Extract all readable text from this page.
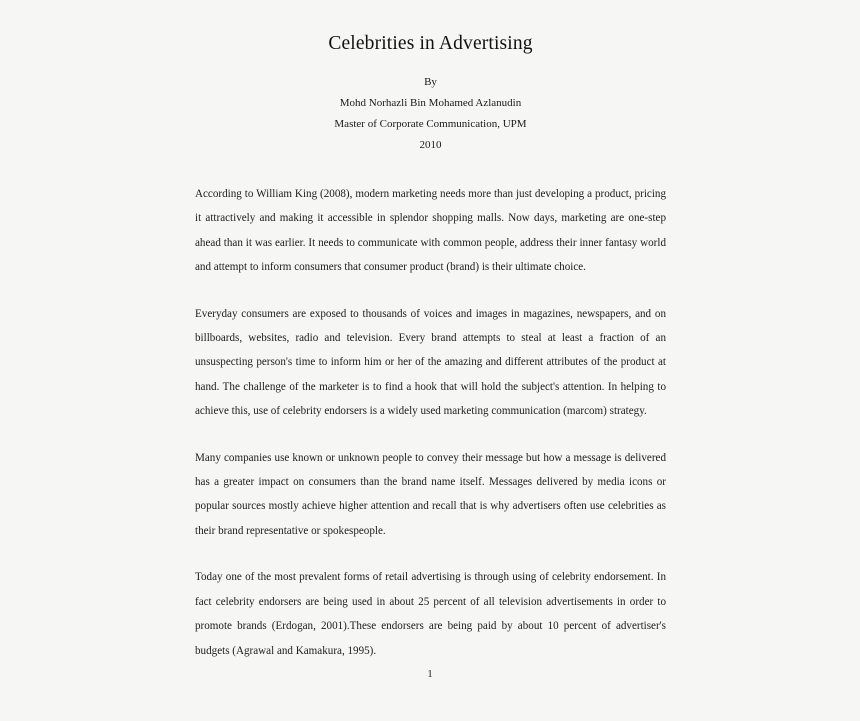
Celebrities in Advertising
By
Mohd Norhazli Bin Mohamed Azlanudin
Master of Corporate Communication, UPM
2010

According to William King (2008), modern marketing needs more than just developing a product, pricing it attractively and making it accessible in splendor shopping malls. Now days, marketing are one-step ahead than it was earlier. It needs to communicate with common people, address their inner fantasy world and attempt to inform consumers that consumer product (brand) is their ultimate choice.

Everyday consumers are exposed to thousands of voices and images in magazines, newspapers, and on billboards, websites, radio and television. Every brand attempts to steal at least a fraction of an unsuspecting person's time to inform him or her of the amazing and different attributes of the product at hand. The challenge of the marketer is to find a hook that will hold the subject's attention. In helping to achieve this, use of celebrity endorsers is a widely used marketing communication (marcom) strategy.

Many companies use known or unknown people to convey their message but how a message is delivered has a greater impact on consumers than the brand name itself. Messages delivered by media icons or popular sources mostly achieve higher attention and recall that is why advertisers often use celebrities as their brand representative or spokespeople.

Today one of the most prevalent forms of retail advertising is through using of celebrity endorsement. In fact celebrity endorsers are being used in about 25 percent of all television advertisements in order to promote brands (Erdogan, 2001).These endorsers are being paid by about 10 percent of advertiser's budgets (Agrawal and Kamakura, 1995).

1
